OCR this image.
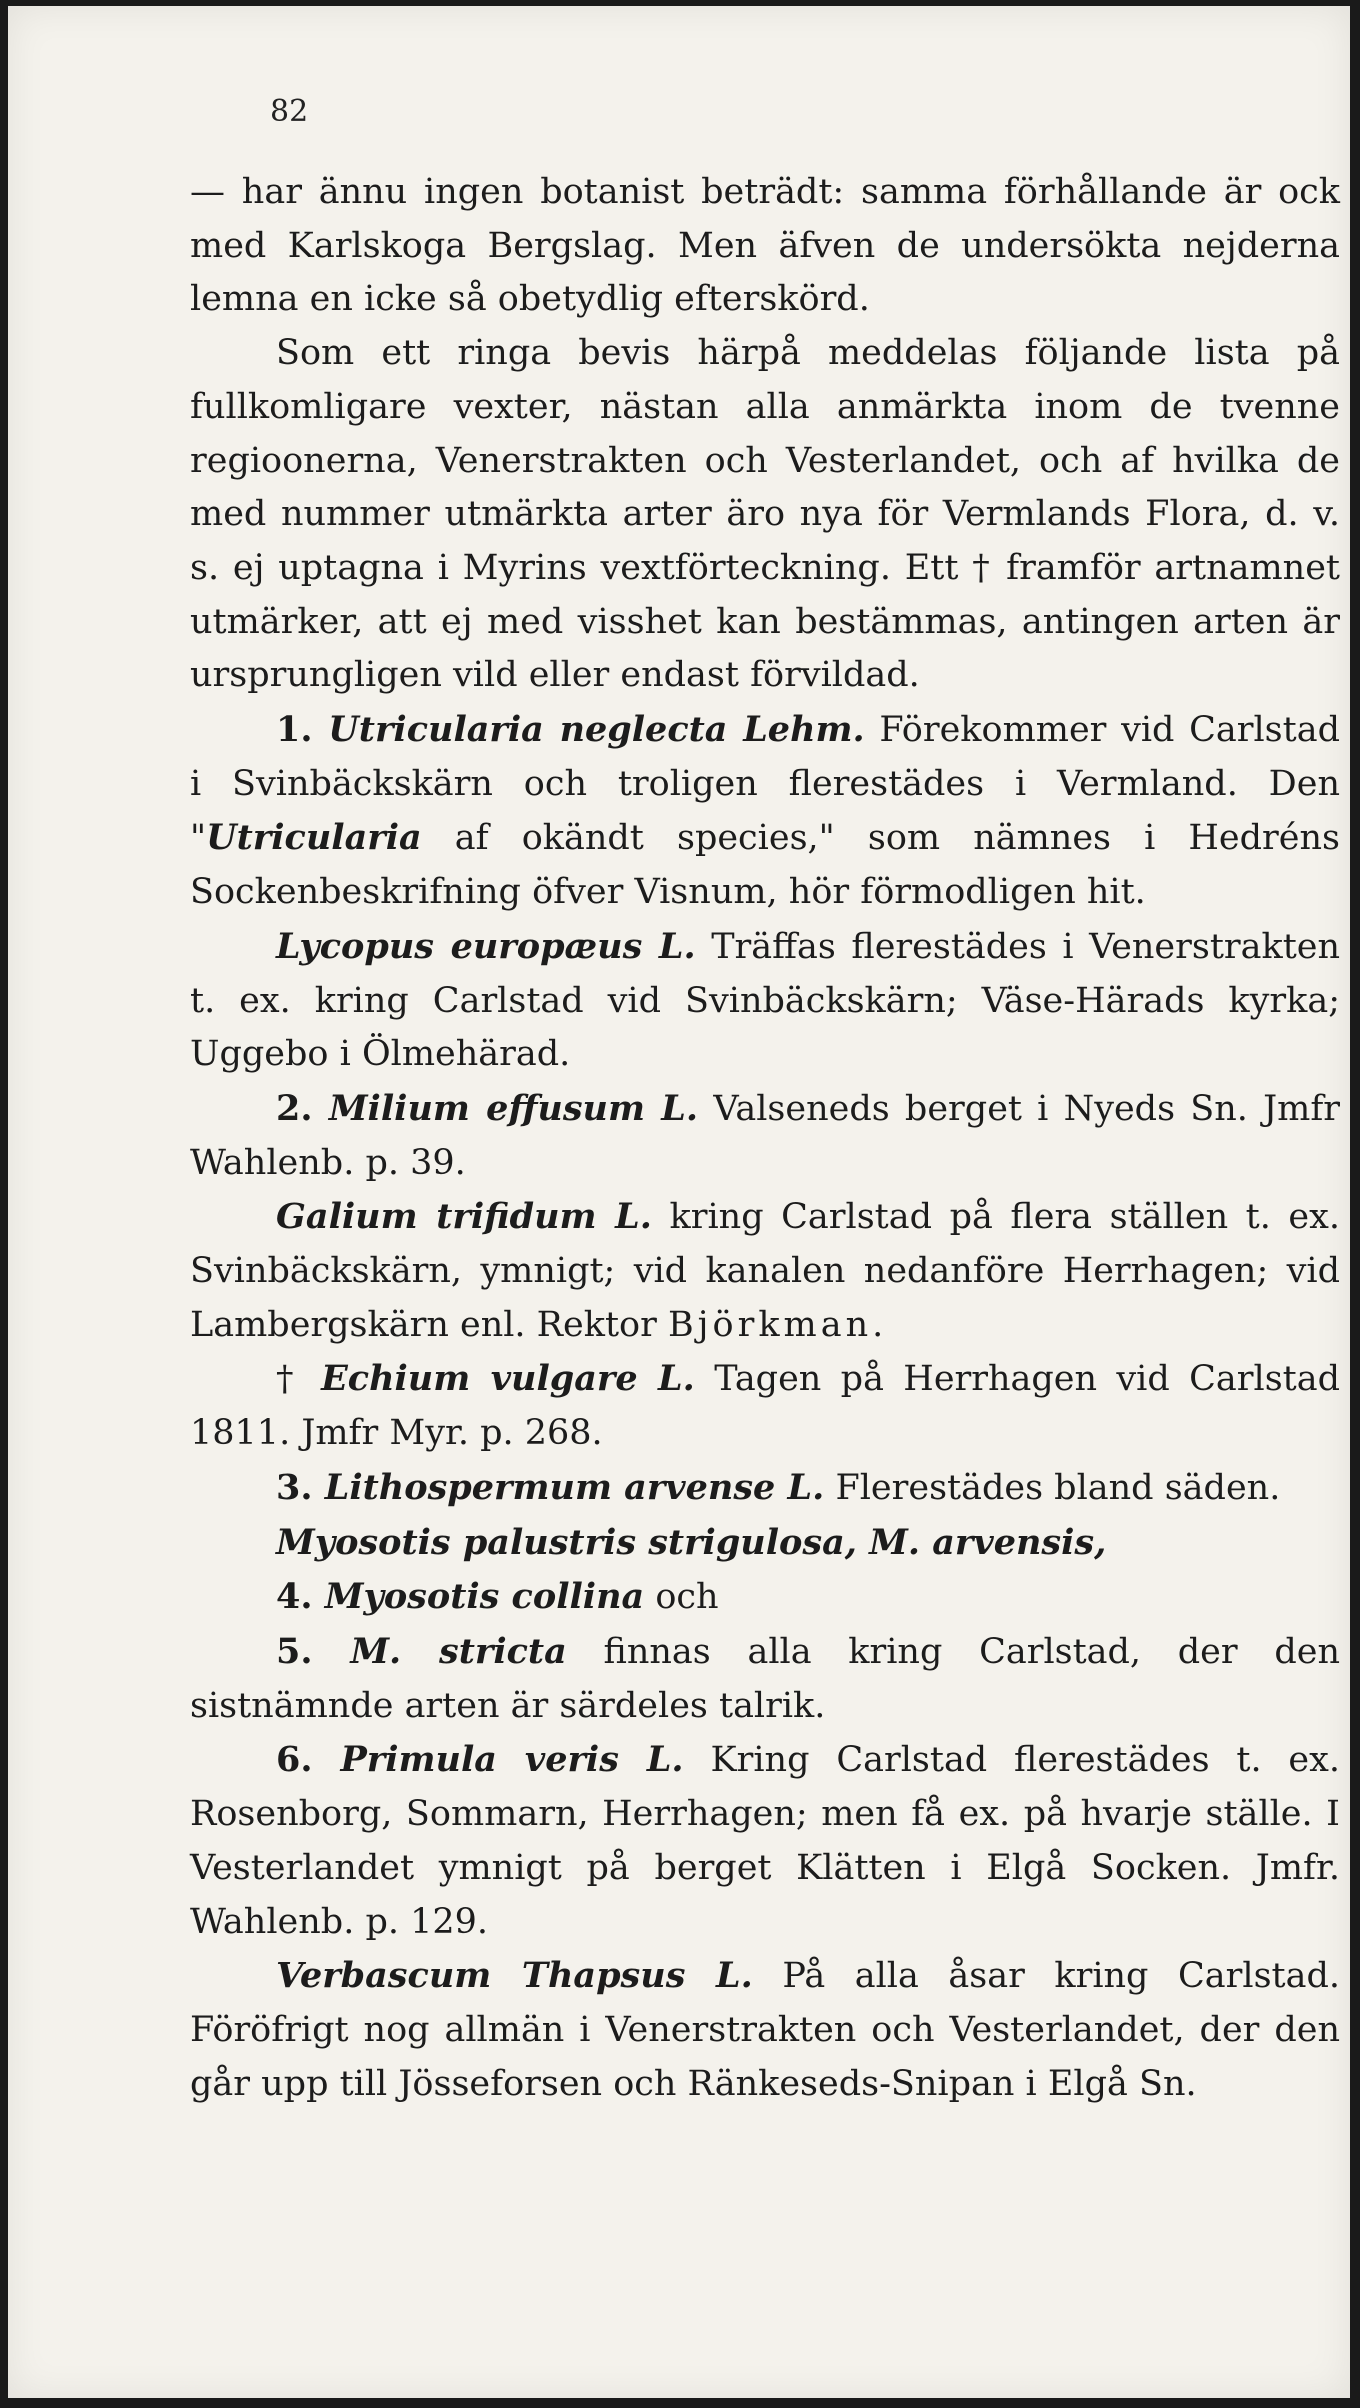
82

— har ännu ingen botanist beträdt: samma förhållande är ock med Karlskoga Bergslag. Men äfven de undersökta nejderna lemna en icke så obetydlig efterskörd.

Som ett ringa bevis härpå meddelas följande lista på fullkomligare vexter, nästan alla anmärkta inom de tvenne regioonerna, Venerstrakten och Vesterlandet, och af hvilka de med nummer utmärkta arter äro nya för Vermlands Flora, d. v. s. ej uptagna i Myrins vextförteckning. Ett † framför artnamnet utmärker, att ej med visshet kan bestämmas, antingen arten är ursprungligen vild eller endast förvildad.

1. Utricularia neglecta Lehm. Förekommer vid Carlstad i Svinbäckskärn och troligen flerestädes i Vermland. Den "Utricularia af okändt species," som nämnes i Hedréns Sockenbeskrifning öfver Visnum, hör förmodligen hit.

Lycopus europæus L. Träffas flerestädes i Venerstrakten t. ex. kring Carlstad vid Svinbäckskärn; Väse-Härads kyrka; Uggebo i Ölmehärad.

2. Milium effusum L. Valseneds berget i Nyeds Sn. Jmfr Wahlenb. p. 39.

Galium trifidum L. kring Carlstad på flera ställen t. ex. Svinbäckskärn, ymnigt; vid kanalen nedanföre Herrhagen; vid Lambergskärn enl. Rektor Björkman.

† Echium vulgare L. Tagen på Herrhagen vid Carlstad 1811. Jmfr Myr. p. 268.

3. Lithospermum arvense L. Flerestädes bland säden.

Myosotis palustris strigulosa, M. arvensis,

4. Myosotis collina och

5. M. stricta finnas alla kring Carlstad, der den sistnämnde arten är särdeles talrik.

6. Primula veris L. Kring Carlstad flerestädes t. ex. Rosenborg, Sommarn, Herrhagen; men få ex. på hvarje ställe. I Vesterlandet ymnigt på berget Klätten i Elgå Socken. Jmfr. Wahlenb. p. 129.

Verbascum Thapsus L. På alla åsar kring Carlstad. Föröfrigt nog allmän i Venerstrakten och Vesterlandet, der den går upp till Jösseforsen och Ränkeseds-Snipan i Elgå Sn.
